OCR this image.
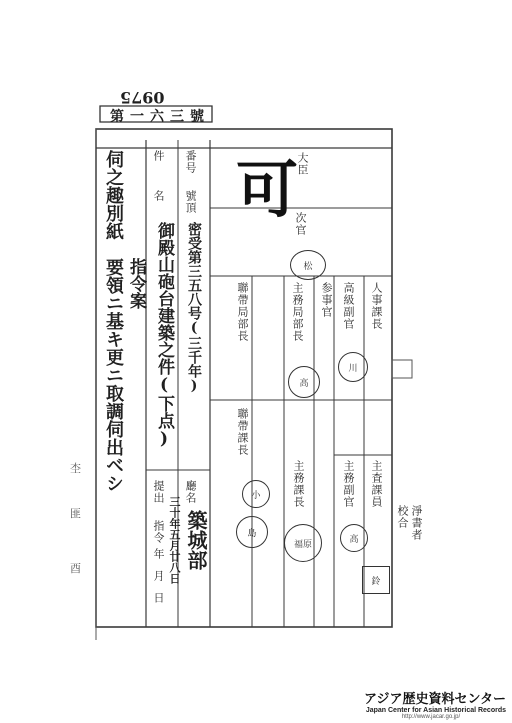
0975
第一六三號
可
大臣
次官
人事課長
高級副官
参事官
主務局部長
聯帶局部長
聯帶課長
主務課長	主務副官 主査課員
淨書者
校合
件
名
番号
號頂
廳名
提出
指令
年
月
日
密受第三五八号(三千年)
御殿山砲台建築之件(下点)
指令案
築城部
三十年五月廿八日
伺之趣別紙
要領ニ基キ更ニ取調伺出ベシ	松
川
高
小
島
福原
鈴
高
杢
匪
酉
アジア歴史資料センター
Japan Center for Asian Historical Records
http://www.jacar.go.jp/
